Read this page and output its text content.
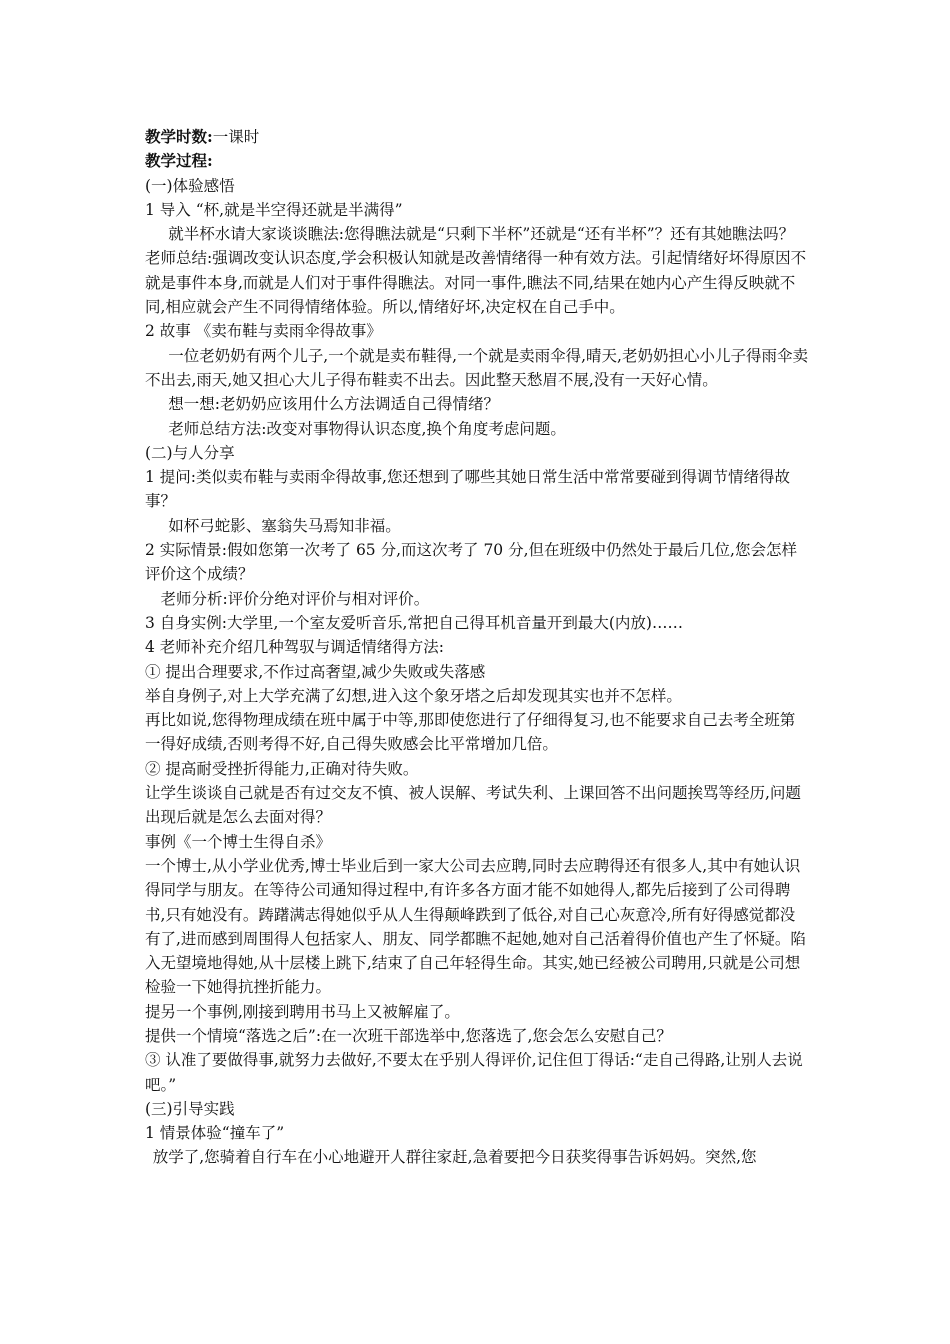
教学时数:一课时

教学过程:

(一)体验感悟

1 导入 “杯,就是半空得还就是半满得”

就半杯水请大家谈谈瞧法:您得瞧法就是“只剩下半杯”还就是“还有半杯”？还有其她瞧法吗？

老师总结:强调改变认识态度,学会积极认知就是改善情绪得一种有效方法。引起情绪好坏得原因不就是事件本身,而就是人们对于事件得瞧法。对同一事件,瞧法不同,结果在她内心产生得反映就不同,相应就会产生不同得情绪体验。所以,情绪好坏,决定权在自己手中。

2 故事 《卖布鞋与卖雨伞得故事》

一位老奶奶有两个儿子,一个就是卖布鞋得,一个就是卖雨伞得,晴天,老奶奶担心小儿子得雨伞卖不出去,雨天,她又担心大儿子得布鞋卖不出去。因此整天愁眉不展,没有一天好心情。

想一想:老奶奶应该用什么方法调适自己得情绪？

老师总结方法:改变对事物得认识态度,换个角度考虑问题。

(二)与人分享

1 提问:类似卖布鞋与卖雨伞得故事,您还想到了哪些其她日常生活中常常要碰到得调节情绪得故事？

如杯弓蛇影、塞翁失马焉知非福。

2 实际情景:假如您第一次考了 65 分,而这次考了 70 分,但在班级中仍然处于最后几位,您会怎样评价这个成绩？

老师分析:评价分绝对评价与相对评价。

3 自身实例:大学里,一个室友爱听音乐,常把自己得耳机音量开到最大(内放)……

4 老师补充介绍几种驾驭与调适情绪得方法:

① 提出合理要求,不作过高奢望,减少失败或失落感

举自身例子,对上大学充满了幻想,进入这个象牙塔之后却发现其实也并不怎样。

再比如说,您得物理成绩在班中属于中等,那即使您进行了仔细得复习,也不能要求自己去考全班第一得好成绩,否则考得不好,自己得失败感会比平常增加几倍。

② 提高耐受挫折得能力,正确对待失败。

让学生谈谈自己就是否有过交友不慎、被人误解、考试失利、上课回答不出问题挨骂等经历,问题出现后就是怎么去面对得？

事例《一个博士生得自杀》

一个博士,从小学业优秀,博士毕业后到一家大公司去应聘,同时去应聘得还有很多人,其中有她认识得同学与朋友。在等待公司通知得过程中,有许多各方面才能不如她得人,都先后接到了公司得聘书,只有她没有。踌躇满志得她似乎从人生得颠峰跌到了低谷,对自己心灰意冷,所有好得感觉都没有了,进而感到周围得人包括家人、朋友、同学都瞧不起她,她对自己活着得价值也产生了怀疑。陷入无望境地得她,从十层楼上跳下,结束了自己年轻得生命。其实,她已经被公司聘用,只就是公司想检验一下她得抗挫折能力。

提另一个事例,刚接到聘用书马上又被解雇了。

提供一个情境“落选之后”:在一次班干部选举中,您落选了,您会怎么安慰自己？

③ 认准了要做得事,就努力去做好,不要太在乎别人得评价,记住但丁得话:“走自己得路,让别人去说吧。”

(三)引导实践

1 情景体验“撞车了”

放学了,您骑着自行车在小心地避开人群往家赶,急着要把今日获奖得事告诉妈妈。突然,您
